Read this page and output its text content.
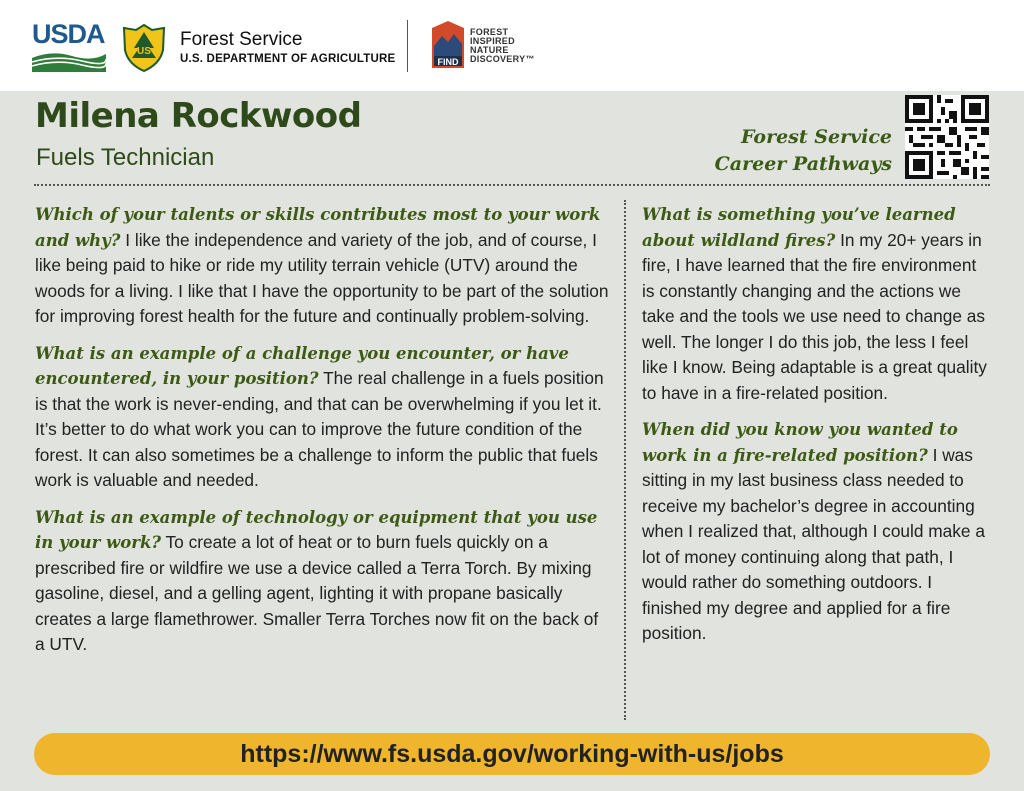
USDA
US
Forest Service
U.S. DEPARTMENT OF AGRICULTURE	FIND
FOREST
INSPIRED
NATURE
DISCOVERY™
Milena Rockwood
Fuels Technician
Forest Service
Career Pathways

Which of your talents or skills contributes most to your work and why? I like the independence and variety of the job, and of course, I like being paid to hike or ride my utility terrain vehicle (UTV) around the woods for a living. I like that I have the opportunity to be part of the solution for improving forest health for the future and continually problem-solving.

What is an example of a challenge you encounter, or have encountered, in your position? The real challenge in a fuels position is that the work is never-ending, and that can be overwhelming if you let it. It’s better to do what work you can to improve the future condition of the forest. It can also sometimes be a challenge to inform the public that fuels work is valuable and needed.

What is an example of technology or equipment that you use in your work? To create a lot of heat or to burn fuels quickly on a prescribed fire or wildfire we use a device called a Terra Torch. By mixing gasoline, diesel, and a gelling agent, lighting it with propane basically creates a large flamethrower. Smaller Terra Torches now fit on the back of a UTV.

What is something you’ve learned about wildland fires? In my 20+ years in fire, I have learned that the fire environment is constantly changing and the actions we take and the tools we use need to change as well. The longer I do this job, the less I feel like I know. Being adaptable is a great quality to have in a fire-related position.

When did you know you wanted to work in a fire-related position? I was sitting in my last business class needed to receive my bachelor’s degree in accounting when I realized that, although I could make a lot of money continuing along that path, I would rather do something outdoors. I finished my degree and applied for a fire position.

https://www.fs.usda.gov/working-with-us/jobs
